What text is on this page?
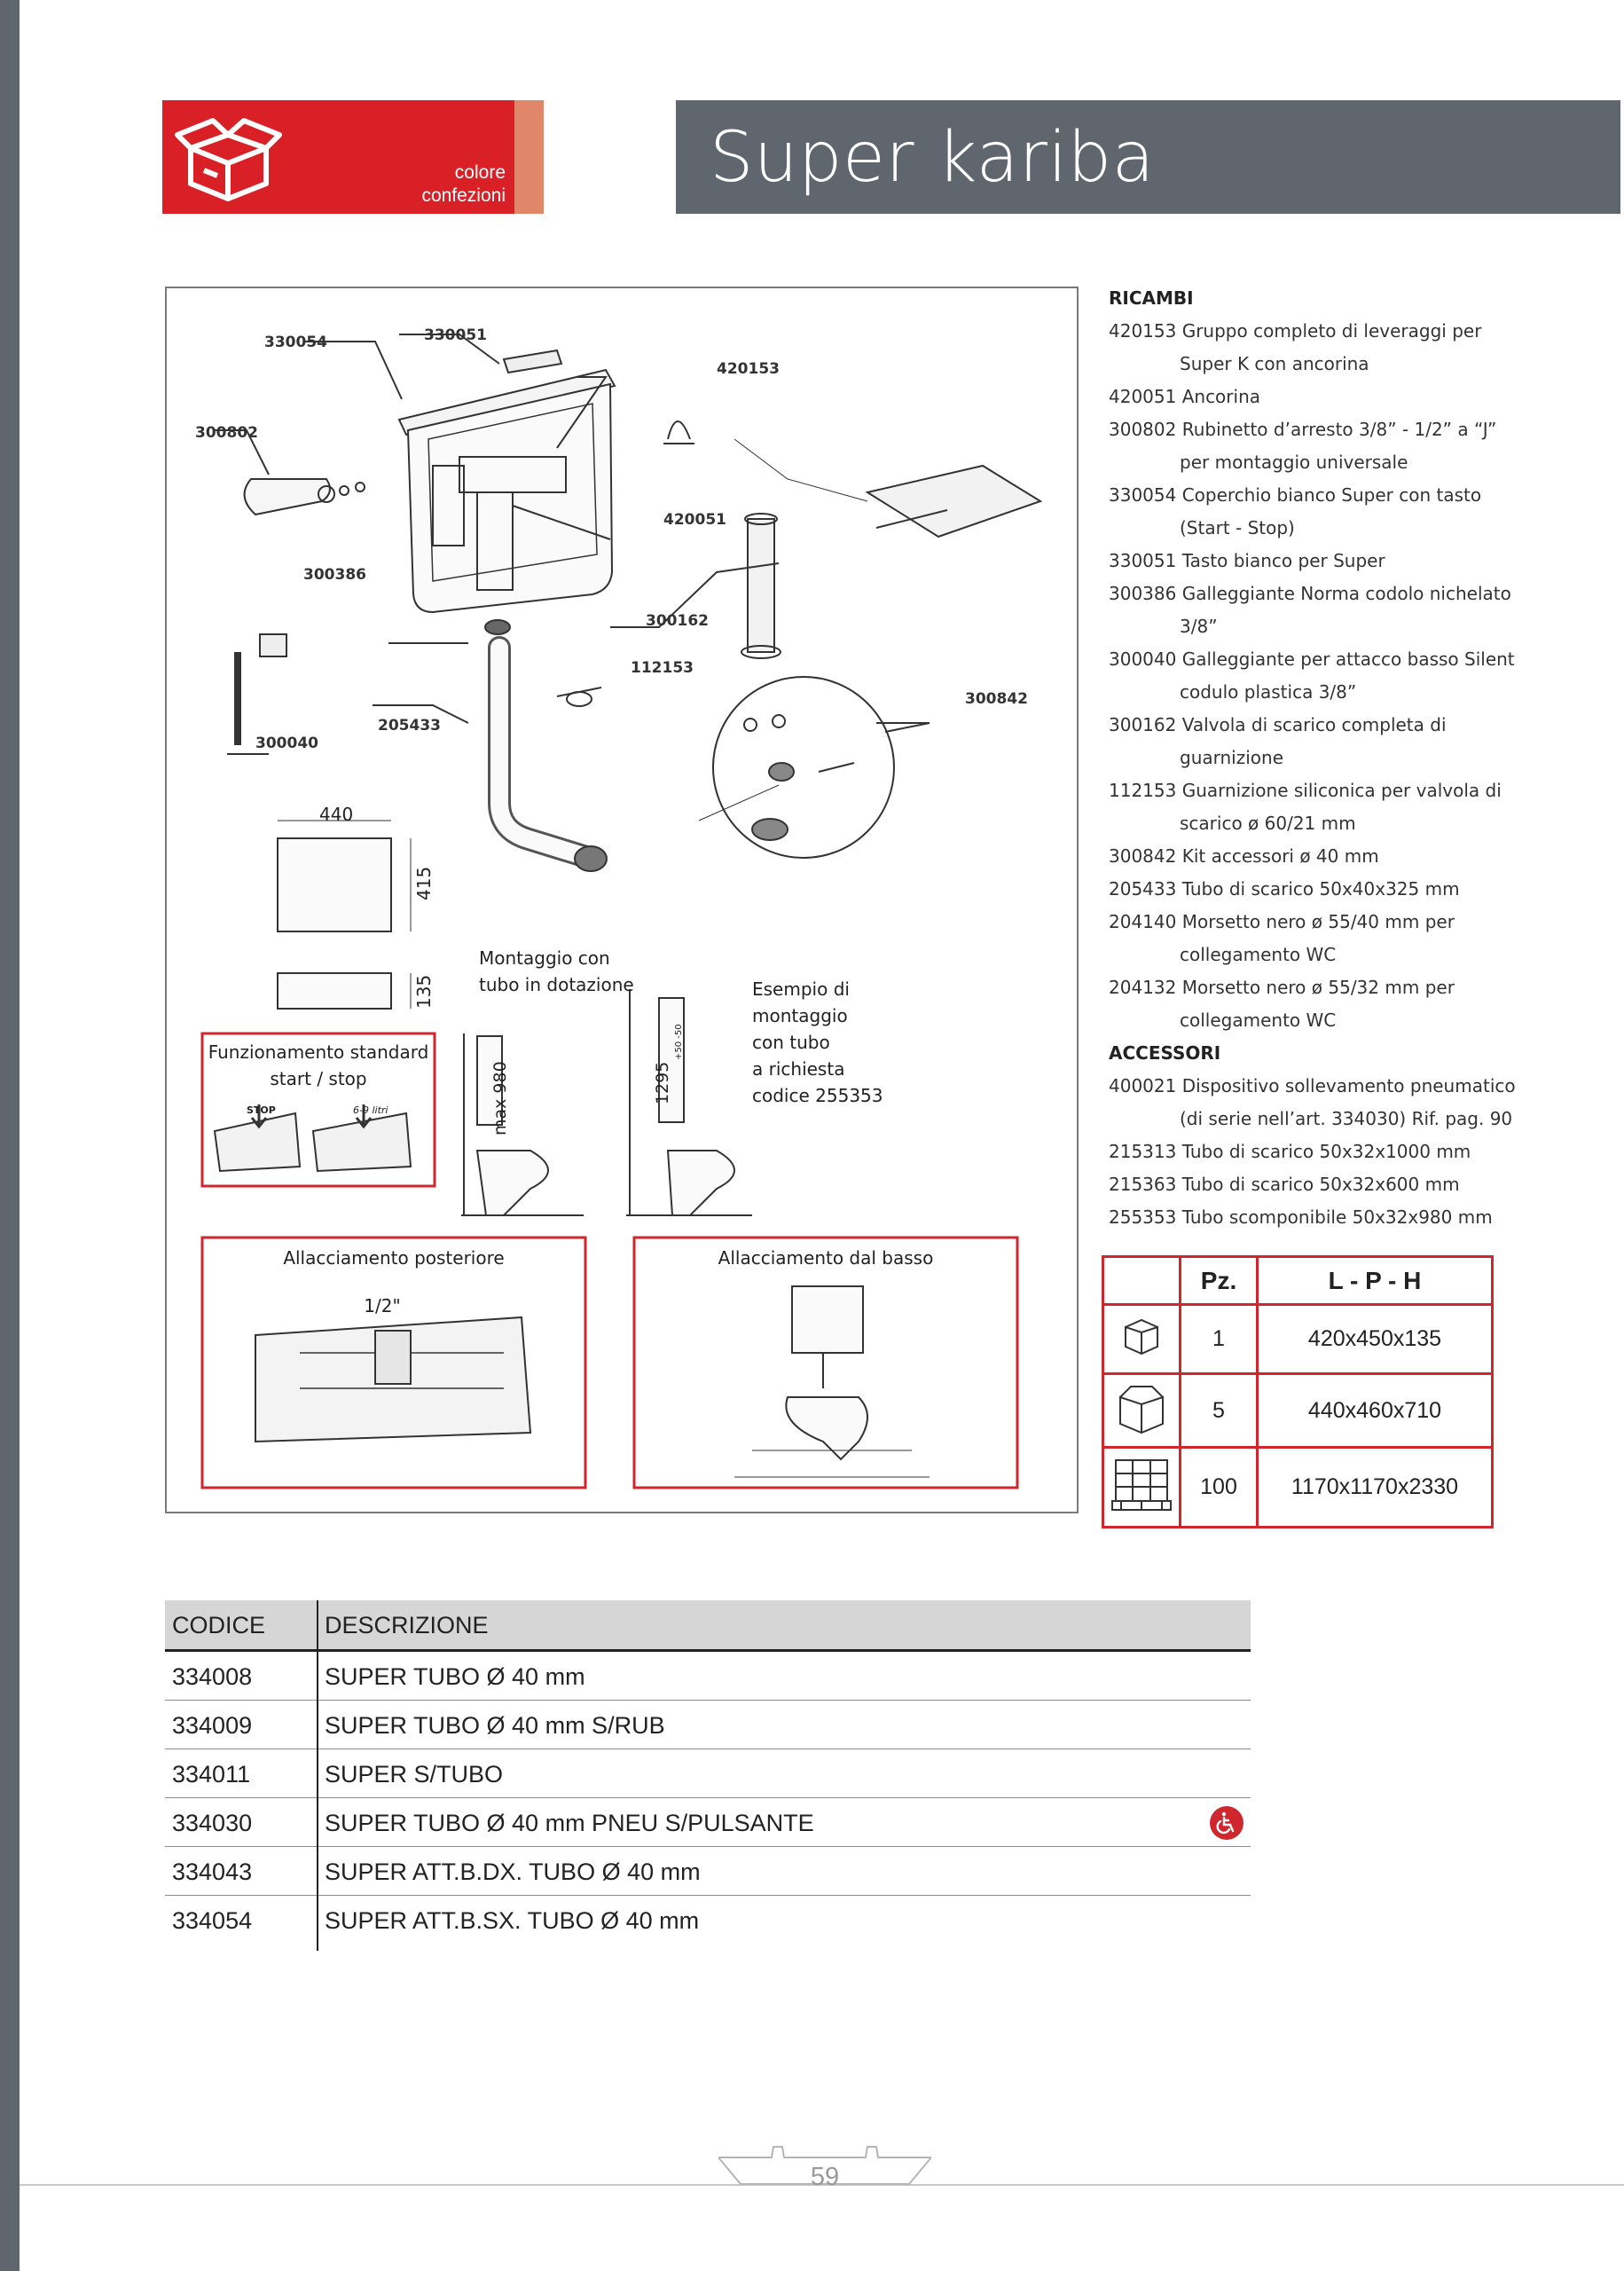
colore
confezioni	Super kariba
330054	330051
420153
300802
420051
300386
300162
112153
300842
300040
205433
440
415
135
Montaggio con
tubo in dotazione	Esempio di
montaggio
con tubo
a richiesta
codice 255353
max 980	1295
+50 -50
Funzionamento standard
start / stop
STOP	6-9 litri
Allacciamento posteriore
1/2"
Allacciamento dal basso
RICAMBI
420153 Gruppo completo di leveraggi per Super K con ancorina
420051 Ancorina
300802 Rubinetto d’arresto 3/8” - 1/2” a “J” per montaggio universale
330054 Coperchio bianco Super con tasto (Start - Stop)
330051 Tasto bianco per Super
300386 Galleggiante Norma codolo nichelato 3/8”
300040 Galleggiante per attacco basso Silent codulo plastica 3/8”
300162 Valvola di scarico completa di guarnizione
112153 Guarnizione siliconica per valvola di scarico ø 60/21 mm
300842 Kit accessori ø 40 mm
205433 Tubo di scarico 50x40x325 mm
204140 Morsetto nero ø 55/40 mm per collegamento WC
204132 Morsetto nero ø 55/32 mm per collegamento WC
ACCESSORI
400021 Dispositivo sollevamento pneumatico (di serie nell’art. 334030) Rif. pag. 90
215313 Tubo di scarico 50x32x1000 mm
215363 Tubo di scarico 50x32x600 mm
255353 Tubo scomponibile 50x32x980 mm
	Pz.	L - P - H
	1	420x450x135
	5	440x460x710
	100	1170x1170x2330
CODICE DESCRIZIONE
334008	SUPER TUBO Ø 40 mm
334009	SUPER TUBO Ø 40 mm S/RUB
334011	SUPER S/TUBO
334030	SUPER TUBO Ø 40 mm PNEU S/PULSANTE
334043	SUPER ATT.B.DX. TUBO Ø 40 mm
334054	SUPER ATT.B.SX. TUBO Ø 40 mm
59
